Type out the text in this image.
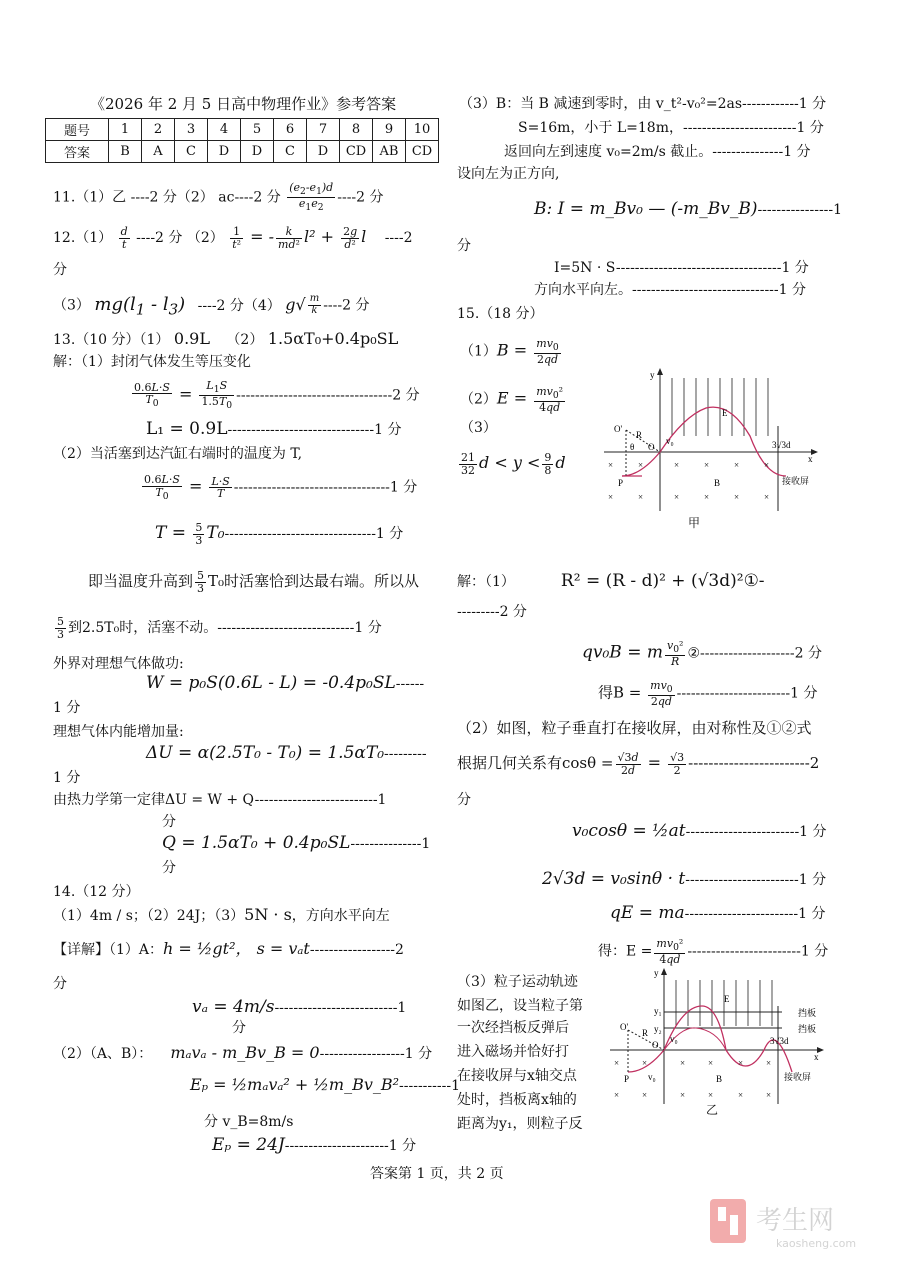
《2026 年 2 月 5 日高中物理作业》参考答案
题号	1	2	3	4	5	6	7	8	9	10
答案	B	A	C	D	D	C	D	CD	AB	CD
11.（1）乙 ----2 分（2） ac----2 分 $\frac{(e_2-e_1)d}{e_1e_2} ----2$ 分
$12.(1) \frac{d}{t} ----2$ 分 $(2) \frac{1}{\text{t²}}$ = - $\frac{k}{\text{md²}} l^2 + \frac{2g}{\text{d²}}$ l ----2
分
（3） $mg(l_1 - l_3)$ ----2 分（4） $g√ \frac{m}{k} ----2$ 分
13.（10 分）（1） 0.9L （2） 1.5αT₀+0.4p₀SL
解：（1）封闭气体发生等压变化
$\frac{0.6L\cdot S}{T_0} = \frac{L_1S}{1.5T_0} ---------------------------------2$ 分
L₁ = 0.9L-------------------------------1 分
（2）当活塞到达汽缸右端时的温度为 T,
$\frac{0.6L\cdot S}{T_0} = \frac{L\cdot S}{T} ---------------------------------1$ 分
$T = \frac{5}{3} T_0--------------------------------1$ 分
即当温度升高到 $\frac{5}{3} T_0$时活塞恰到达最右端。所以从
$\frac{5}{3}$ 到2.5T₀时，活塞不动。-----------------------------1 分
外界对理想气体做功:
W = p₀S(0.6L - L) = -0.4p₀SL------
1 分
理想气体内能增加量:
ΔU = α(2.5T₀ - T₀) = 1.5αT₀---------
1 分
由热力学第一定律ΔU = W + Q--------------------------1
分
Q = 1.5αT₀ + 0.4p₀SL---------------1
分
14.（12 分）
（1）4m / s；（2）24J；（3）5N · s，方向水平向左
【详解】（1）A：h = ½gt²， s = vₐt------------------2
分
vₐ = 4m/s--------------------------1
分
（2）（A、B）： mₐvₐ - m_Bv_B = 0------------------1 分
Eₚ = ½mₐvₐ² + ½m_Bv_B²-----------1
分 v_B=8m/s
Eₚ = 24J----------------------1 分
（3）B：当 B 减速到零时，由 v_t²-v₀²=2as------------1 分
S=16m，小于 L=18m，------------------------1 分
返回向左到速度 v₀=2m/s 截止。---------------1 分
设向左为正方向,
B: I = m_Bv₀ — (-m_Bv_B)----------------1
分
I=5N · S-----------------------------------1 分
方向水平向左。-------------------------------1 分
15.（18 分）
$(1)B = \frac{mv_0}{2qd}$
$(2)E = \frac{mv_0^2}{4qd}$
（3）
$\frac{21}{32}$ $d < y < \frac{9}{8}$ d
y
x
O'
R
θ O
v₀
E
3√3d
B
P	接收屏
×	×	×	×	×	×
×	×	×	×	×	×
甲
解：（1）	R² = (R - d)² + (√3d)²①-
---------2 分
qv₀B = m $\frac{v_0^2}{R}$ ②--------------------2 分
得$B = \frac{mv_0}{2qd} ------------------------1$ 分
（2）如图，粒子垂直打在接收屏，由对称性及①②式
根据几何关系有$\cos\theta = \frac{√3d}{2d} = \frac{√3}{2} ------------------------2$
分
v₀cosθ = ½at------------------------1 分
2√3d = v₀sinθ · t------------------------1 分
qE = ma------------------------1 分
得：$E = \frac{mv_0^2}{4qd} ------------------------1$ 分
（3）粒子运动轨迹
如图乙，设当粒子第
一次经挡板反弹后
进入磁场并恰好打
在接收屏与x轴交点
处时，挡板离x轴的
距离为y₁，则粒子反
y
x
y₁
y₂
挡板
挡板
O'
R
O
v₀
E
3√3d
B
P v₀	接收屏
×	×	×	×	×	×
×	×	×	×	×	×
乙
答案第 1 页，共 2 页
考生网
kaosheng.com
